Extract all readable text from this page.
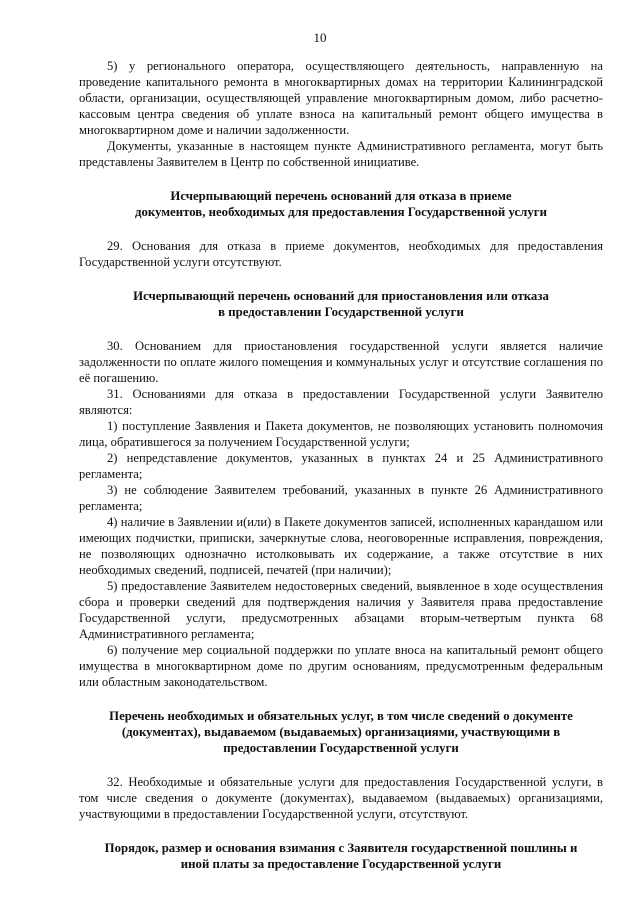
10

5) у регионального оператора, осуществляющего деятельность, направленную на проведение капитального ремонта в многоквартирных домах на территории Калининградской области, организации, осуществляющей управление многоквартирным домом, либо расчетно-кассовым центра сведения об уплате взноса на капитальный ремонт общего имущества в многоквартирном доме и наличии задолженности.

Документы, указанные в настоящем пункте Административного регламента, могут быть представлены Заявителем в Центр по собственной инициативе.

Исчерпывающий перечень оснований для отказа в приеме
документов, необходимых для предоставления Государственной услуги

29. Основания для отказа в приеме документов, необходимых для предоставления Государственной услуги отсутствуют.

Исчерпывающий перечень оснований для приостановления или отказа
в предоставлении Государственной услуги

30. Основанием для приостановления государственной услуги является наличие задолженности по оплате жилого помещения и коммунальных услуг и отсутствие соглашения по её погашению.

31. Основаниями для отказа в предоставлении Государственной услуги Заявителю являются:

1) поступление Заявления и Пакета документов, не позволяющих установить полномочия лица, обратившегося за получением Государственной услуги;

2) непредставление документов, указанных в пунктах 24 и 25 Административного регламента;

3) не соблюдение Заявителем требований, указанных в пункте 26 Административного регламента;

4) наличие в Заявлении и(или) в Пакете документов записей, исполненных карандашом или имеющих подчистки, приписки, зачеркнутые слова, неоговоренные исправления, повреждения, не позволяющих однозначно истолковывать их содержание, а также отсутствие в них необходимых сведений, подписей, печатей (при наличии);

5) предоставление Заявителем недостоверных сведений, выявленное в ходе осуществления сбора и проверки сведений для подтверждения наличия у Заявителя права предоставление Государственной услуги, предусмотренных абзацами вторым-четвертым пункта 68 Административного регламента;

6) получение мер социальной поддержки по уплате вноса на капитальный ремонт общего имущества в многоквартирном доме по другим основаниям, предусмотренным федеральным или областным законодательством.

Перечень необходимых и обязательных услуг, в том числе сведений о документе
(документах), выдаваемом (выдаваемых) организациями, участвующими в
предоставлении Государственной услуги

32. Необходимые и обязательные услуги для предоставления Государственной услуги, в том числе сведения о документе (документах), выдаваемом (выдаваемых) организациями, участвующими в предоставлении Государственной услуги, отсутствуют.

Порядок, размер и основания взимания с Заявителя государственной пошлины и
иной платы за предоставление Государственной услуги
